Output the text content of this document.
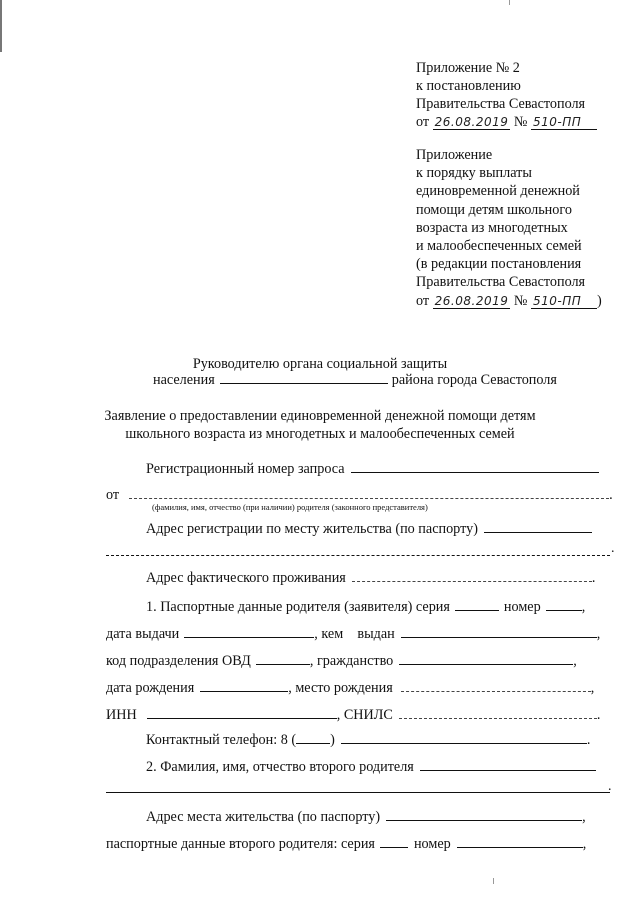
Приложение № 2
к постановлению
Правительства Севастополя
от 26.08.2019 № 510-ПП
Приложение
к порядку выплаты
единовременной денежной
помощи детям школьного
возраста из многодетных
и малообеспеченных семей
(в редакции постановления
Правительства Севастополя
от 26.08.2019 № 510-ПП )
Руководителю органа социальной защиты
населения	района города Севастополя
Заявление о предоставлении единовременной денежной помощи детям
школьного возраста из многодетных и малообеспеченных семей
Регистрационный номер запроса
от	.
(фамилия, имя, отчество (при наличии) родителя (законного представителя)
Адрес регистрации по месту жительства (по паспорту)
.
Адрес фактического проживания	.
1. Паспортные данные родителя (заявителя) серия	номер	,
дата выдачи	, кем    выдан	,
код подразделения ОВД	, гражданство	,
дата рождения	, место рождения	,
ИНН	, СНИЛС	.
Контактный телефон: 8 ( )	.
2. Фамилия, имя, отчество второго родителя
.
Адрес места жительства (по паспорту)	,
паспортные данные второго родителя: серия	номер	,
